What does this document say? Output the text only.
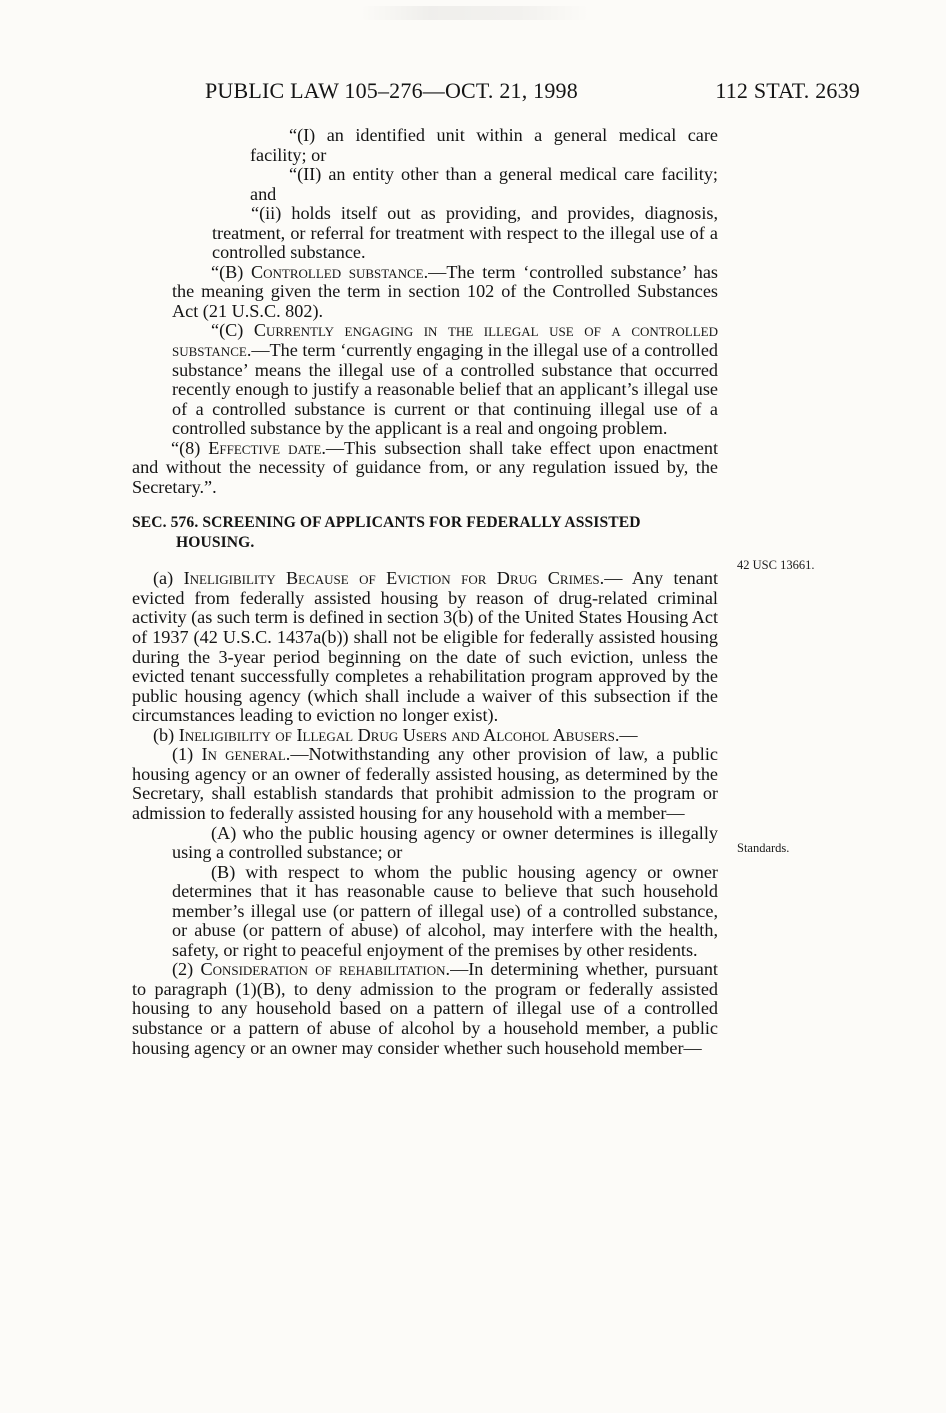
PUBLIC LAW 105–276—OCT. 21, 1998	112 STAT. 2639

“(I) an identified unit within a general medical care facility; or

“(II) an entity other than a general medical care facility; and

“(ii) holds itself out as providing, and provides, diagnosis, treatment, or referral for treatment with respect to the illegal use of a controlled substance.

“(B) Controlled substance.—The term ‘controlled substance’ has the meaning given the term in section 102 of the Controlled Substances Act (21 U.S.C. 802).

“(C) Currently engaging in the illegal use of a controlled substance.—The term ‘currently engaging in the illegal use of a controlled substance’ means the illegal use of a controlled substance that occurred recently enough to justify a reasonable belief that an applicant’s illegal use of a controlled substance is current or that continuing illegal use of a controlled substance by the applicant is a real and ongoing problem.

“(8) Effective date.—This subsection shall take effect upon enactment and without the necessity of guidance from, or any regulation issued by, the Secretary.”.

SEC. 576. SCREENING OF APPLICANTS FOR FEDERALLY ASSISTED HOUSING.

(a) Ineligibility Because of Eviction for Drug Crimes.— Any tenant evicted from federally assisted housing by reason of drug-related criminal activity (as such term is defined in section 3(b) of the United States Housing Act of 1937 (42 U.S.C. 1437a(b)) shall not be eligible for federally assisted housing during the 3-year period beginning on the date of such eviction, unless the evicted tenant successfully completes a rehabilitation program approved by the public housing agency (which shall include a waiver of this subsection if the circumstances leading to eviction no longer exist).

(b) Ineligibility of Illegal Drug Users and Alcohol Abusers.—

(1) In general.—Notwithstanding any other provision of law, a public housing agency or an owner of federally assisted housing, as determined by the Secretary, shall establish standards that prohibit admission to the program or admission to federally assisted housing for any household with a member—

(A) who the public housing agency or owner determines is illegally using a controlled substance; or

(B) with respect to whom the public housing agency or owner determines that it has reasonable cause to believe that such household member’s illegal use (or pattern of illegal use) of a controlled substance, or abuse (or pattern of abuse) of alcohol, may interfere with the health, safety, or right to peaceful enjoyment of the premises by other residents.

(2) Consideration of rehabilitation.—In determining whether, pursuant to paragraph (1)(B), to deny admission to the program or federally assisted housing to any household based on a pattern of illegal use of a controlled substance or a pattern of abuse of alcohol by a household member, a public housing agency or an owner may consider whether such household member—

42 USC 13661.
Standards.
